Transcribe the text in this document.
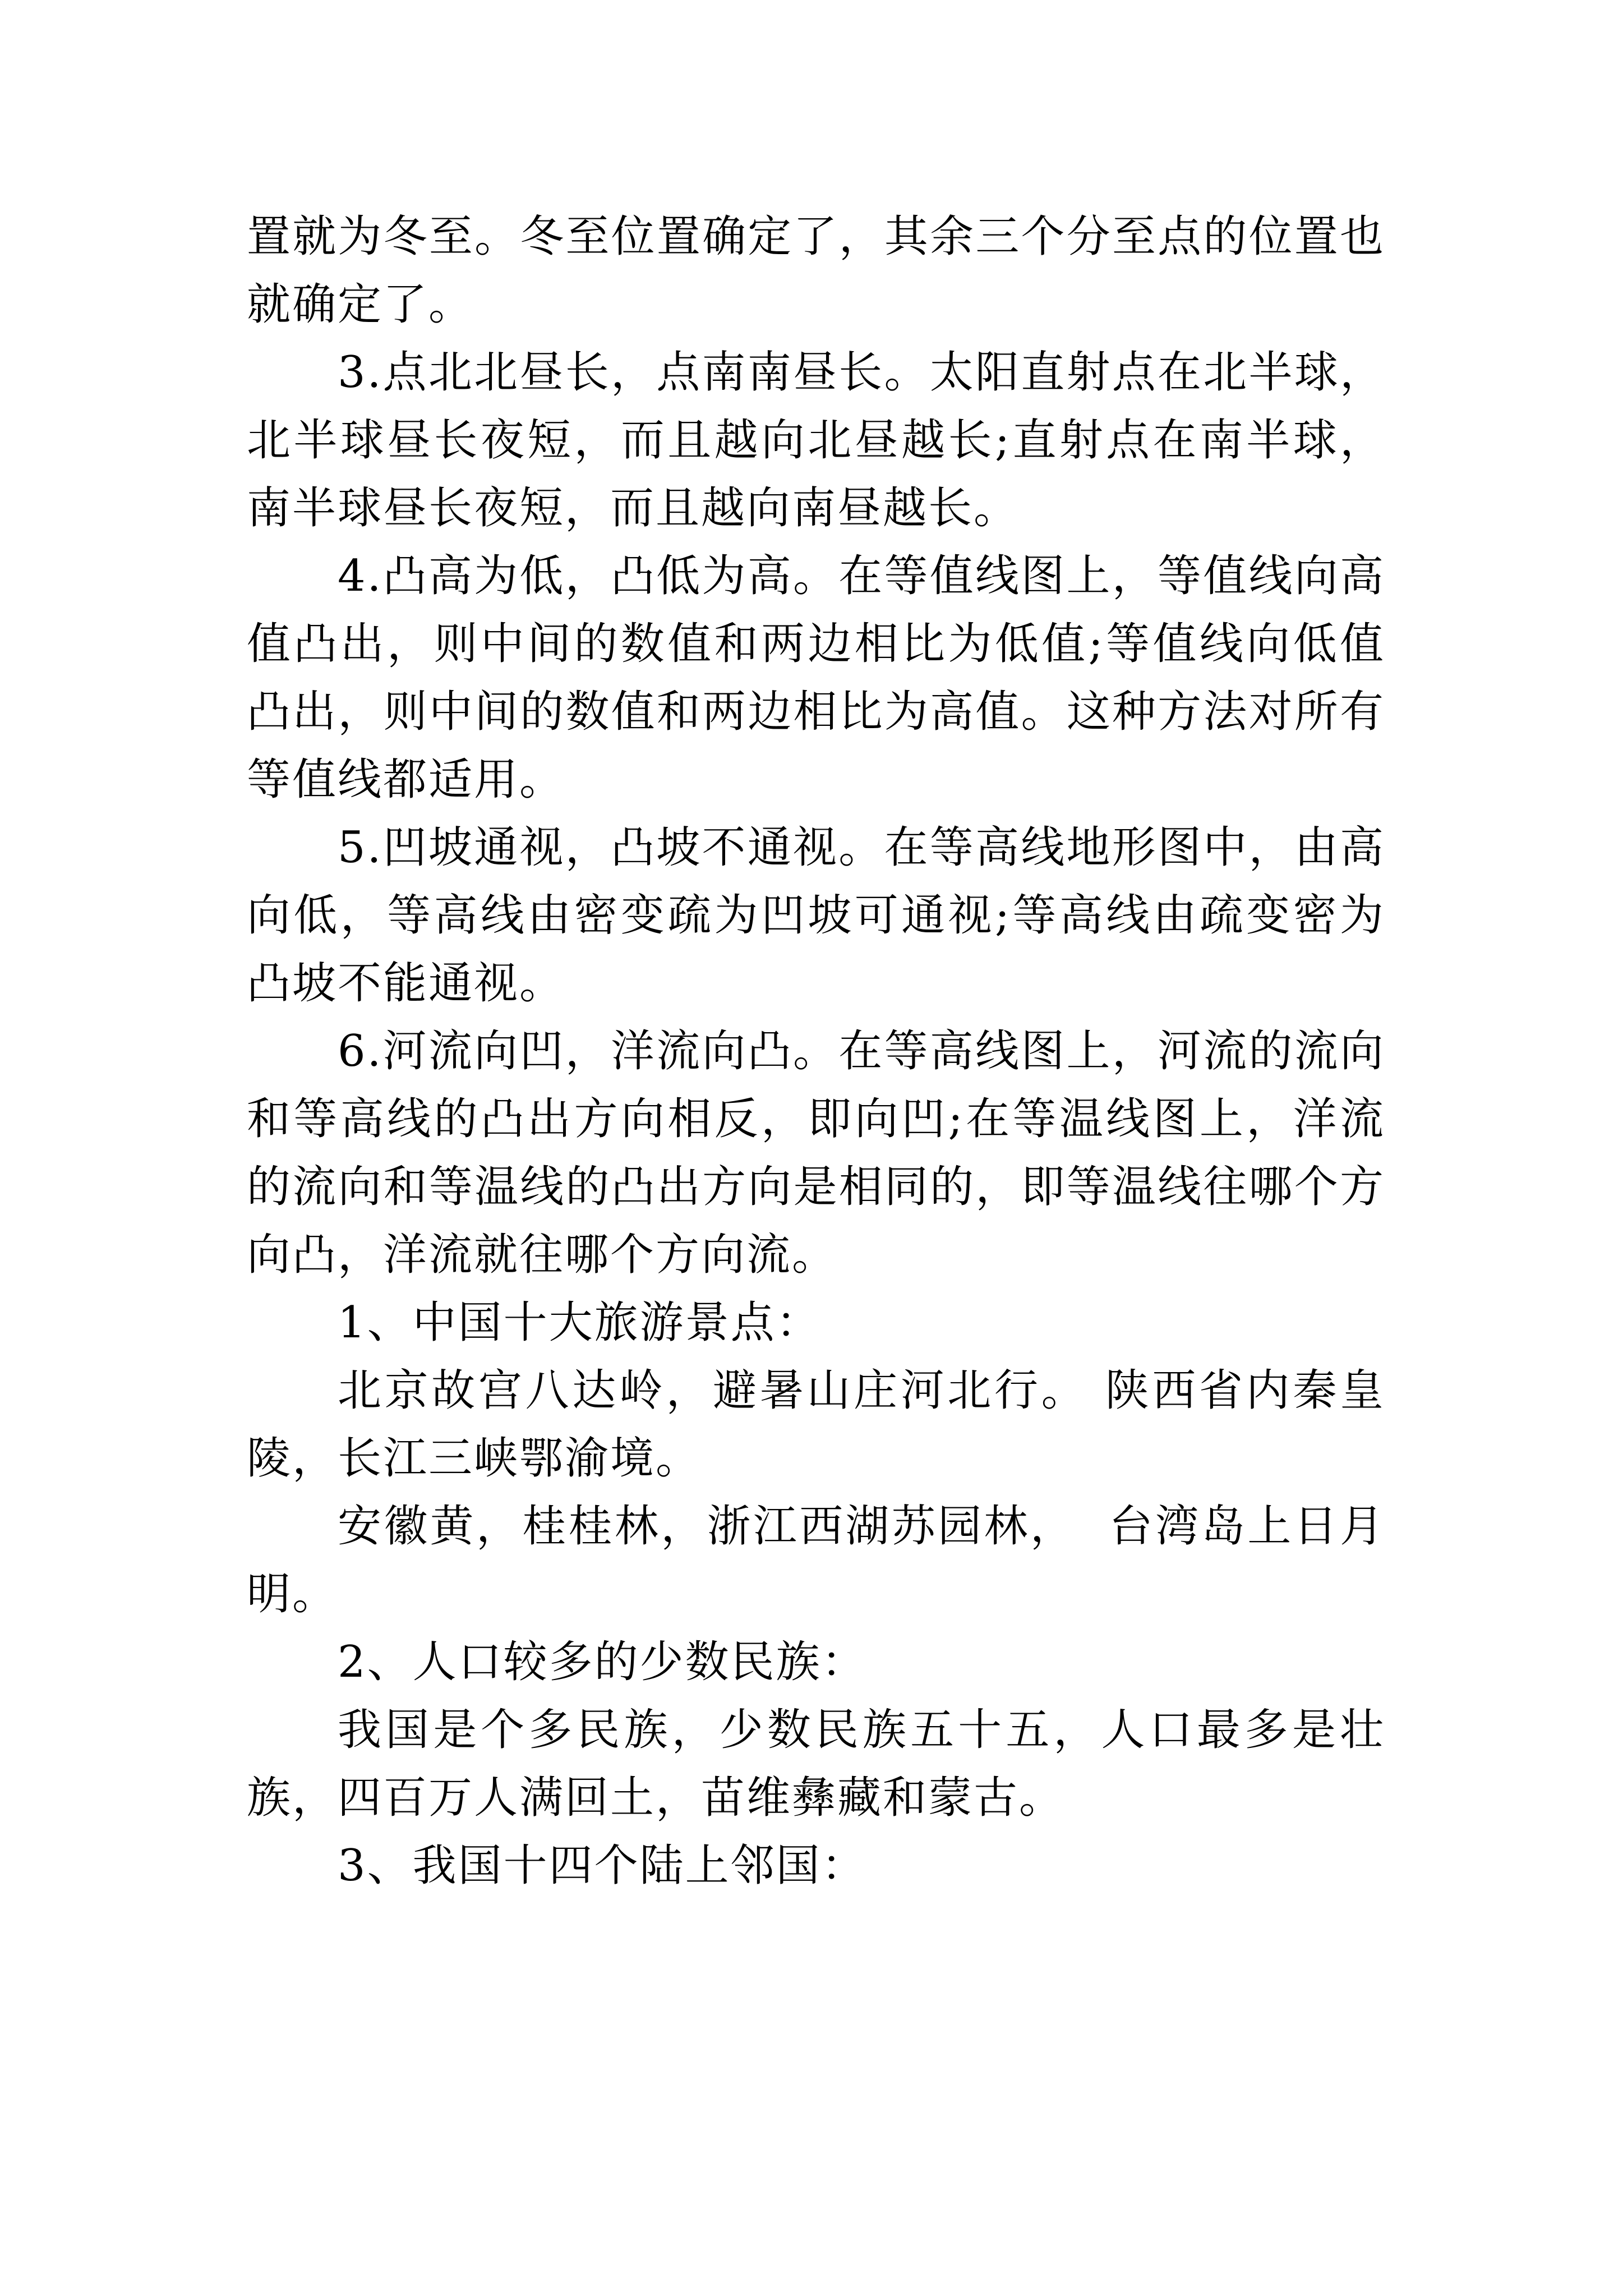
置就为冬至。冬至位置确定了，其余三个分至点的位置也就确定了。

3.点北北昼长，点南南昼长。太阳直射点在北半球，北半球昼长夜短，而且越向北昼越长;直射点在南半球，南半球昼长夜短，而且越向南昼越长。

4.凸高为低，凸低为高。在等值线图上，等值线向高值凸出，则中间的数值和两边相比为低值;等值线向低值凸出，则中间的数值和两边相比为高值。这种方法对所有等值线都适用。

5.凹坡通视，凸坡不通视。在等高线地形图中，由高向低，等高线由密变疏为凹坡可通视;等高线由疏变密为凸坡不能通视。

6.河流向凹，洋流向凸。在等高线图上，河流的流向和等高线的凸出方向相反，即向凹;在等温线图上，洋流的流向和等温线的凸出方向是相同的，即等温线往哪个方向凸，洋流就往哪个方向流。

1、中国十大旅游景点：

北京故宫八达岭，避暑山庄河北行。 陕西省内秦皇陵，长江三峡鄂渝境。

安徽黄，桂桂林，浙江西湖苏园林，  台湾岛上日月明。

2、人口较多的少数民族：

我国是个多民族，少数民族五十五，人口最多是壮族，四百万人满回土，苗维彝藏和蒙古。

3、我国十四个陆上邻国：
